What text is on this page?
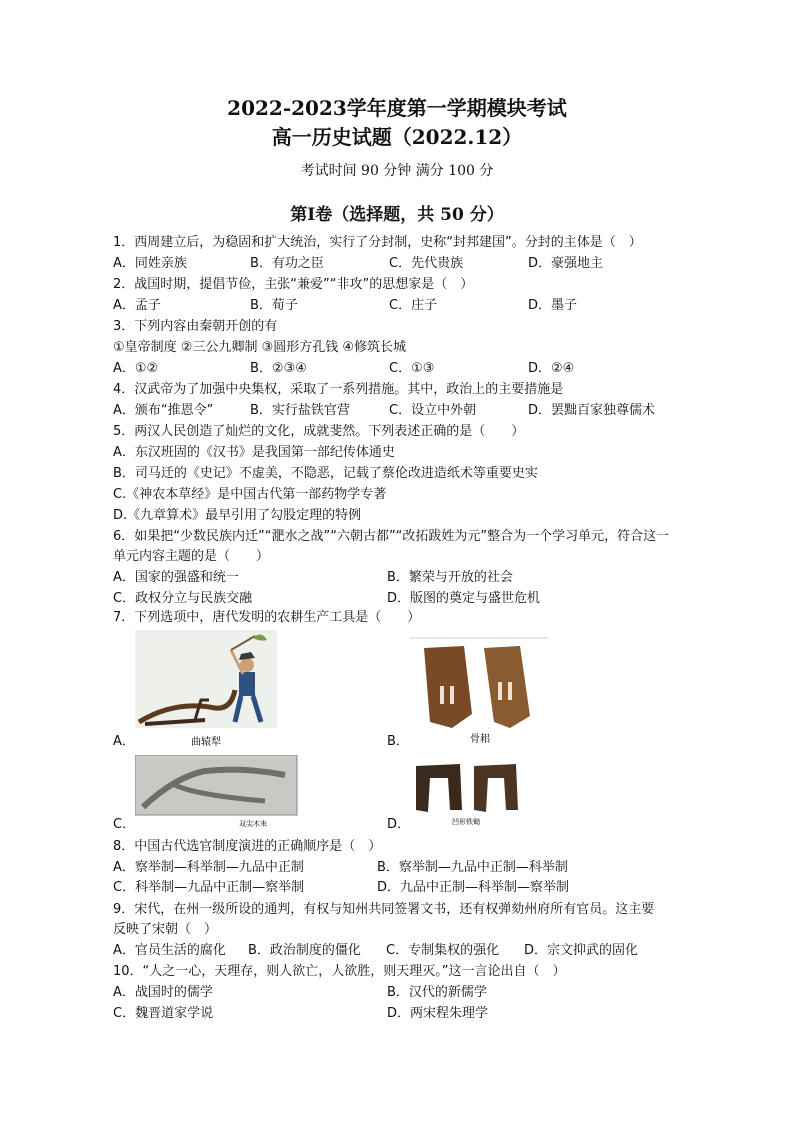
2022-2023学年度第一学期模块考试
高一历史试题（2022.12）
考试时间 90 分钟 满分 100 分
第Ⅰ卷（选择题，共 50 分）
1．西周建立后，为稳固和扩大统治，实行了分封制，史称“封邦建国”。分封的主体是（　）
A．同姓亲族	B．有功之臣	C．先代贵族	D．豪强地主
2．战国时期，提倡节俭，主张“兼爱”“非攻”的思想家是（　）
A．孟子	B．荀子	C．庄子	D．墨子
3．下列内容由秦朝开创的有
①皇帝制度 ②三公九卿制 ③圆形方孔钱 ④修筑长城
A．①②	B．②③④	C．①③	D．②④
4．汉武帝为了加强中央集权，采取了一系列措施。其中，政治上的主要措施是
A．颁布“推恩令”	B．实行盐铁官营	C．设立中外朝	D．罢黜百家独尊儒术
5．两汉人民创造了灿烂的文化，成就斐然。下列表述正确的是（　　）
A．东汉班固的《汉书》是我国第一部纪传体通史
B．司马迁的《史记》不虚美，不隐恶，记载了蔡伦改进造纸术等重要史实
C.《神农本草经》是中国古代第一部药物学专著
D.《九章算术》最早引用了勾股定理的特例
6．如果把“少数民族内迁”“淝水之战”“六朝古都”“改拓跋姓为元”整合为一个学习单元，符合这一
单元内容主题的是（　　）
A．国家的强盛和统一	B．繁荣与开放的社会
C．政权分立与民族交融	D．版图的奠定与盛世危机
7．下列选项中，唐代发明的农耕生产工具是（　　）
曲辕犁
A．	骨耜
B．
双尖木耒
C．	凹形铁锄
D．
8．中国古代选官制度演进的正确顺序是（　）
A．察举制—科举制—九品中正制	B．察举制—九品中正制—科举制
C．科举制—九品中正制—察举制	D．九品中正制—科举制—察举制
9．宋代，在州一级所设的通判，有权与知州共同签署文书，还有权弹劾州府所有官员。这主要
反映了宋朝（　）
A．官员生活的腐化 B．政治制度的僵化 C．专制集权的强化 D．宗文抑武的固化
10．“人之一心，天理存，则人欲亡，人欲胜，则天理灭。”这一言论出自（　）
A．战国时的儒学	B．汉代的新儒学
C．魏晋道家学说	D．两宋程朱理学
